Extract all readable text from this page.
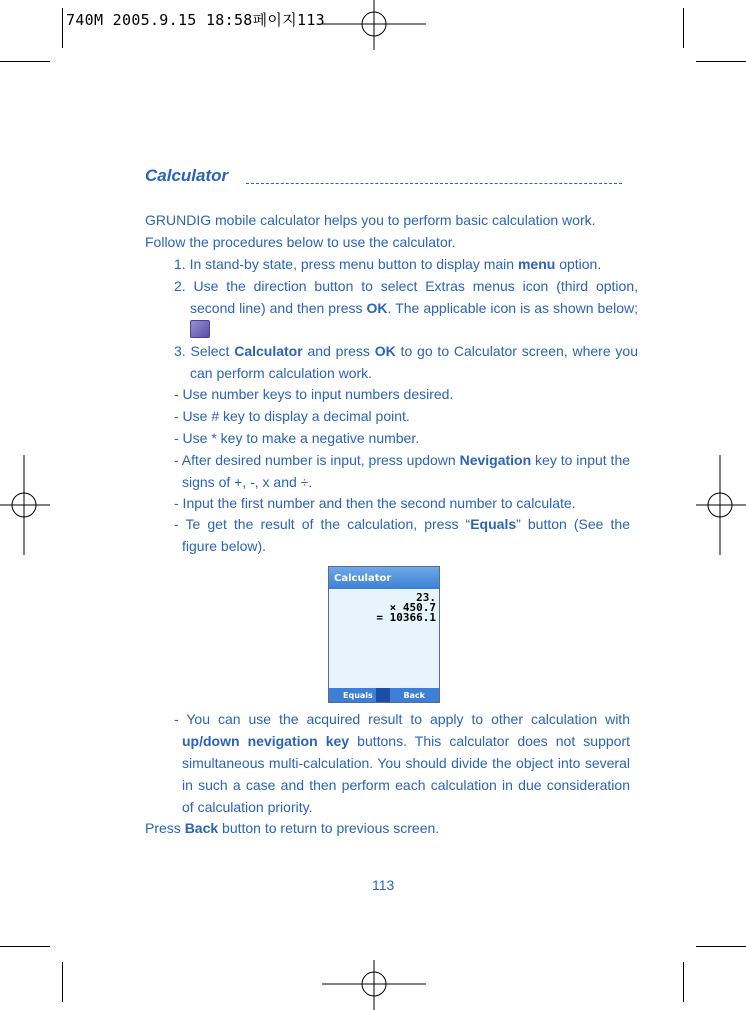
740M 2005.9.15 18:58페이지113
Calculator
GRUNDIG mobile calculator helps you to perform basic calculation work.
Follow the procedures below to use the calculator.
1. In stand-by state, press menu button to display main menu option.
2. Use the direction button to select Extras menus icon (third option, second line) and then press OK. The applicable icon is as shown below;
3. Select Calculator and press OK to go to Calculator screen, where you can perform calculation work.
- Use number keys to input numbers desired.
- Use # key to display a decimal point.
- Use * key to make a negative number.
- After desired number is input, press updown Nevigation key to input the signs of +, -, x and ÷.
- Input the first number and then the second number to calculate.
- Te get the result of the calculation, press “Equals” button (See the figure below).
Calculator
23.
× 450.7
= 10366.1
Equals	Back
- You can use the acquired result to apply to other calculation with up/down nevigation key buttons. This calculator does not support simultaneous multi-calculation. You should divide the object into several in such a case and then perform each calculation in due consideration of calculation priority.
Press Back button to return to previous screen.
113
